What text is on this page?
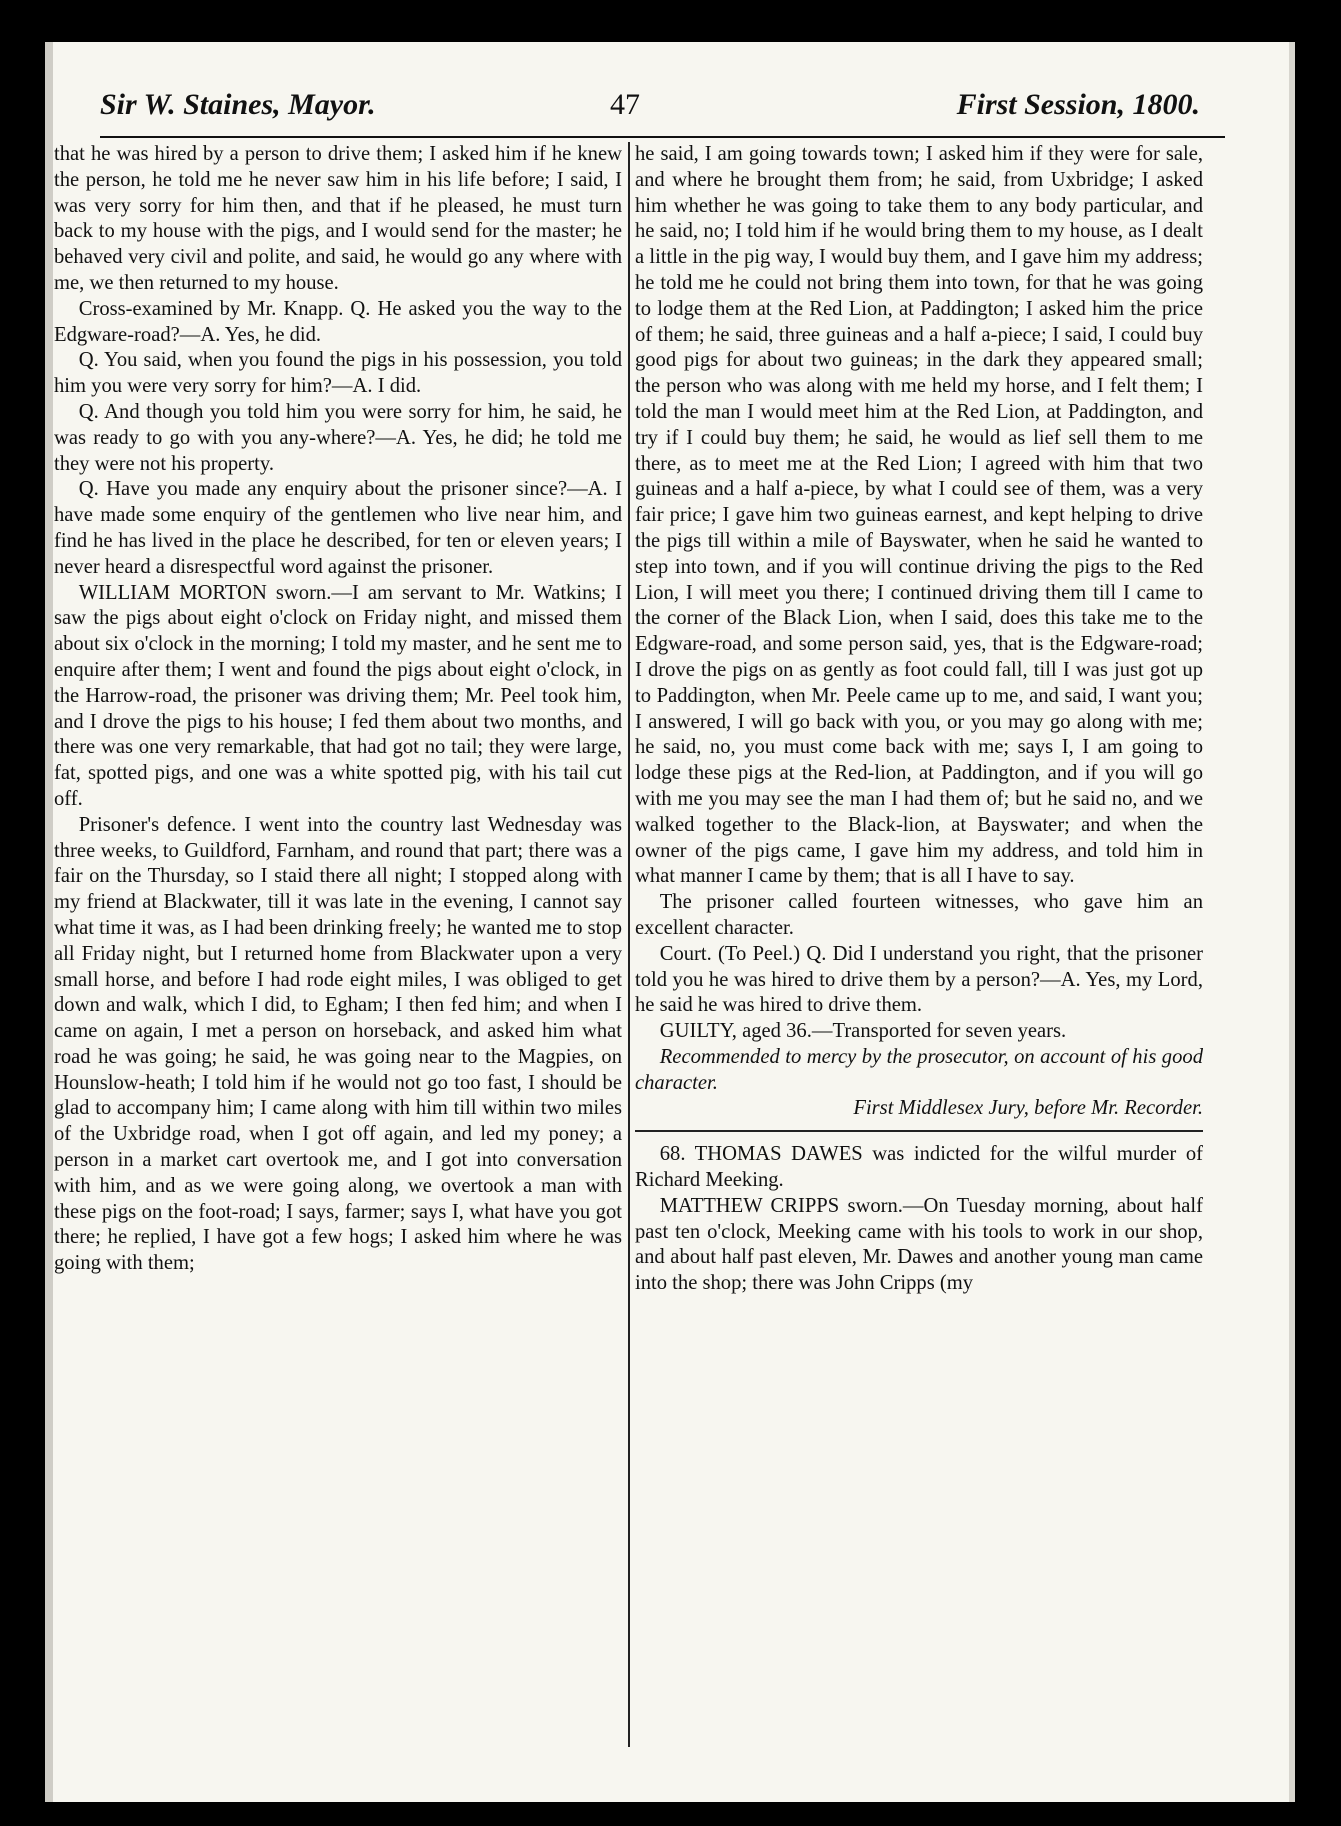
Sir W. Staines, Mayor.	47	First Session, 1800.

that he was hired by a person to drive them; I asked him if he knew the person, he told me he never saw him in his life before; I said, I was very sorry for him then, and that if he pleased, he must turn back to my house with the pigs, and I would send for the master; he behaved very civil and polite, and said, he would go any where with me, we then returned to my house.

Cross-examined by Mr. Knapp. Q. He asked you the way to the Edgware-road?—A. Yes, he did.

Q. You said, when you found the pigs in his possession, you told him you were very sorry for him?—A. I did.

Q. And though you told him you were sorry for him, he said, he was ready to go with you any-where?—A. Yes, he did; he told me they were not his property.

Q. Have you made any enquiry about the prisoner since?—A. I have made some enquiry of the gentlemen who live near him, and find he has lived in the place he described, for ten or eleven years; I never heard a disrespectful word against the prisoner.

WILLIAM MORTON sworn.—I am servant to Mr. Watkins; I saw the pigs about eight o'clock on Friday night, and missed them about six o'clock in the morning; I told my master, and he sent me to enquire after them; I went and found the pigs about eight o'clock, in the Harrow-road, the prisoner was driving them; Mr. Peel took him, and I drove the pigs to his house; I fed them about two months, and there was one very remarkable, that had got no tail; they were large, fat, spotted pigs, and one was a white spotted pig, with his tail cut off.

Prisoner's defence. I went into the country last Wednesday was three weeks, to Guildford, Farnham, and round that part; there was a fair on the Thursday, so I staid there all night; I stopped along with my friend at Blackwater, till it was late in the evening, I cannot say what time it was, as I had been drinking freely; he wanted me to stop all Friday night, but I returned home from Blackwater upon a very small horse, and before I had rode eight miles, I was obliged to get down and walk, which I did, to Egham; I then fed him; and when I came on again, I met a person on horseback, and asked him what road he was going; he said, he was going near to the Magpies, on Hounslow-heath; I told him if he would not go too fast, I should be glad to accompany him; I came along with him till within two miles of the Uxbridge road, when I got off again, and led my poney; a person in a market cart overtook me, and I got into conversation with him, and as we were going along, we overtook a man with these pigs on the foot-road; I says, farmer; says I, what have you got there; he replied, I have got a few hogs; I asked him where he was going with them;

he said, I am going towards town; I asked him if they were for sale, and where he brought them from; he said, from Uxbridge; I asked him whether he was going to take them to any body particular, and he said, no; I told him if he would bring them to my house, as I dealt a little in the pig way, I would buy them, and I gave him my address; he told me he could not bring them into town, for that he was going to lodge them at the Red Lion, at Paddington; I asked him the price of them; he said, three guineas and a half a-piece; I said, I could buy good pigs for about two guineas; in the dark they appeared small; the person who was along with me held my horse, and I felt them; I told the man I would meet him at the Red Lion, at Paddington, and try if I could buy them; he said, he would as lief sell them to me there, as to meet me at the Red Lion; I agreed with him that two guineas and a half a-piece, by what I could see of them, was a very fair price; I gave him two guineas earnest, and kept helping to drive the pigs till within a mile of Bayswater, when he said he wanted to step into town, and if you will continue driving the pigs to the Red Lion, I will meet you there; I continued driving them till I came to the corner of the Black Lion, when I said, does this take me to the Edgware-road, and some person said, yes, that is the Edgware-road; I drove the pigs on as gently as foot could fall, till I was just got up to Paddington, when Mr. Peele came up to me, and said, I want you; I answered, I will go back with you, or you may go along with me; he said, no, you must come back with me; says I, I am going to lodge these pigs at the Red-lion, at Paddington, and if you will go with me you may see the man I had them of; but he said no, and we walked together to the Black-lion, at Bayswater; and when the owner of the pigs came, I gave him my address, and told him in what manner I came by them; that is all I have to say.

The prisoner called fourteen witnesses, who gave him an excellent character.

Court. (To Peel.) Q. Did I understand you right, that the prisoner told you he was hired to drive them by a person?—A. Yes, my Lord, he said he was hired to drive them.

GUILTY, aged 36.—Transported for seven years.

Recommended to mercy by the prosecutor, on account of his good character.

First Middlesex Jury, before Mr. Recorder.

68. THOMAS DAWES was indicted for the wilful murder of Richard Meeking.

MATTHEW CRIPPS sworn.—On Tuesday morning, about half past ten o'clock, Meeking came with his tools to work in our shop, and about half past eleven, Mr. Dawes and another young man came into the shop; there was John Cripps (my
